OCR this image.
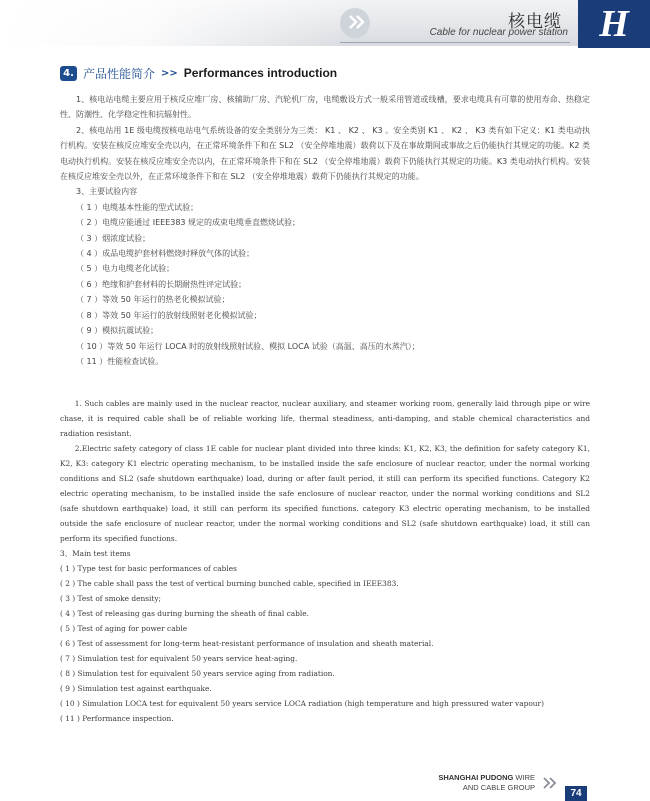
核电缆
Cable for nuclear power station H
4. 产品性能简介 >> Performances introduction

1、核电站电缆主要应用于核反应堆厂房、核辅助厂房、汽轮机厂房，电缆敷设方式一般采用管道或线槽，要求电缆具有可靠的使用寿命、热稳定性、防潮性、化学稳定性和抗辐射性。

2、核电站用 1E 级电缆按核电站电气系统设备的安全类别分为三类： K1 、 K2 、 K3 。安全类别 K1 、 K2 、 K3 类有如下定义：K1 类电动执行机构。安装在核反应堆安全壳以内，在正常环境条件下和在 SL2 （安全停堆地震）载荷以下及在事故期间或事故之后仍能执行其规定的功能。K2 类电动执行机构。安装在核反应堆安全壳以内，在正常环境条件下和在 SL2 （安全停堆地震）载荷下仍能执行其规定的功能。K3 类电动执行机构。安装在核反应堆安全壳以外，在正常环境条件下和在 SL2 （安全停堆地震）载荷下仍能执行其规定的功能。

3、主要试验内容

（ 1 ）电缆基本性能的型式试验；

（ 2 ）电缆应能通过 IEEE383 规定的成束电缆垂直燃烧试验；

（ 3 ）烟浓度试验；

（ 4 ）成品电缆护套材料燃烧时释放气体的试验；

（ 5 ）电力电缆老化试验；

（ 6 ）绝缘和护套材料的长期耐热性评定试验；

（ 7 ）等效 50 年运行的热老化模拟试验；

（ 8 ）等效 50 年运行的放射线照射老化模拟试验；

（ 9 ）模拟抗震试验；

（ 10 ）等效 50 年运行 LOCA 时的放射线照射试验、模拟 LOCA 试验（高温、高压的水蒸汽）；

（ 11 ）性能检查试验。

1. Such cables are mainly used in the nuclear reactor, nuclear auxiliary, and steamer working room, generally laid through pipe or wire chase, it is required cable shall be of reliable working life, thermal steadiness, anti-damping, and stable chemical characteristics and radiation resistant.

2.Electric safety category of class 1E cable for nuclear plant divided into three kinds: K1, K2, K3, the definition for safety category K1, K2, K3: category K1 electric operating mechanism, to be installed inside the safe enclosure of nuclear reactor, under the normal working conditions and SL2 (safe shutdown earthquake) load, during or after fault period, it still can perform its specified functions. Category K2 electric operating mechanism, to be installed inside the safe enclosure of nuclear reactor, under the normal working conditions and SL2 (safe shutdown earthquake) load, it still can perform its specified functions. category K3 electric operating mechanism, to be installed outside the safe enclosure of nuclear reactor, under the normal working conditions and SL2 (safe shutdown earthquake) load, it still can perform its specified functions.

3、Main test items

( 1 ) Type test for basic performances of cables

( 2 ) The cable shall pass the test of vertical burning bunched cable, specified in IEEE383.

( 3 ) Test of smoke density;

( 4 ) Test of releasing gas during burning the sheath of final cable.

( 5 ) Test of aging for power cable

( 6 ) Test of assessment for long-term heat-resistant performance of insulation and sheath material.

( 7 ) Simulation test for equivalent 50 years service heat-aging.

( 8 ) Simulation test for equivalent 50 years service aging from radiation.

( 9 ) Simulation test against earthquake.

( 10 ) Simulation LOCA test for equivalent 50 years service LOCA radiation (high temperature and high pressured water vapour)

( 11 ) Performance inspection.

SHANGHAI PUDONG WIRE
AND CABLE GROUP
74
